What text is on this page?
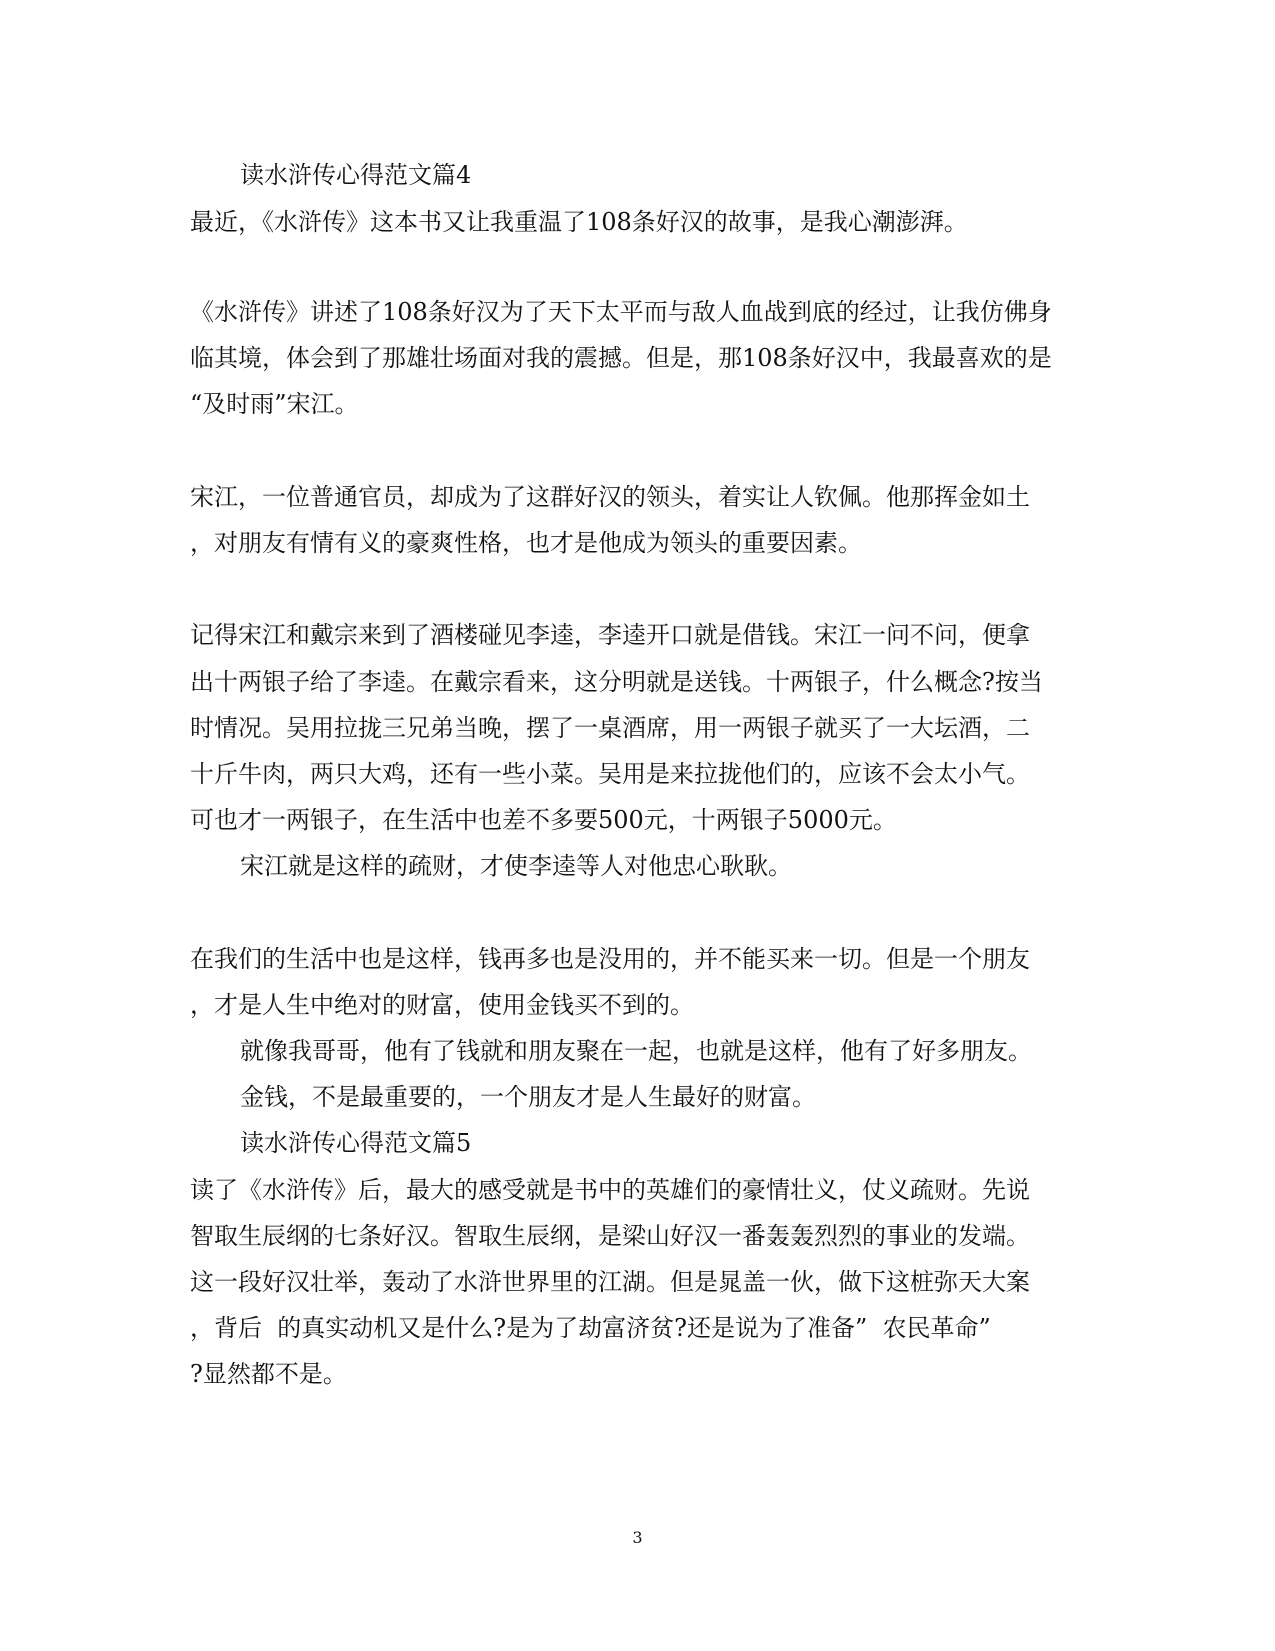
读水浒传心得范文篇4

最近，《水浒传》这本书又让我重温了108条好汉的故事，是我心潮澎湃。

《水浒传》讲述了108条好汉为了天下太平而与敌人血战到底的经过，让我仿佛身

临其境，体会到了那雄壮场面对我的震撼。但是，那108条好汉中，我最喜欢的是

“及时雨”宋江。

宋江，一位普通官员，却成为了这群好汉的领头，着实让人钦佩。他那挥金如土

，对朋友有情有义的豪爽性格，也才是他成为领头的重要因素。

记得宋江和戴宗来到了酒楼碰见李逵，李逵开口就是借钱。宋江一问不问，便拿

出十两银子给了李逵。在戴宗看来，这分明就是送钱。十两银子，什么概念?按当

时情况。吴用拉拢三兄弟当晚，摆了一桌酒席，用一两银子就买了一大坛酒，二

十斤牛肉，两只大鸡，还有一些小菜。吴用是来拉拢他们的，应该不会太小气。

可也才一两银子，在生活中也差不多要500元，十两银子5000元。

宋江就是这样的疏财，才使李逵等人对他忠心耿耿。

在我们的生活中也是这样，钱再多也是没用的，并不能买来一切。但是一个朋友

，才是人生中绝对的财富，使用金钱买不到的。

就像我哥哥，他有了钱就和朋友聚在一起，也就是这样，他有了好多朋友。

金钱，不是最重要的，一个朋友才是人生最好的财富。

读水浒传心得范文篇5

读了《水浒传》后，最大的感受就是书中的英雄们的豪情壮义，仗义疏财。先说

智取生辰纲的七条好汉。智取生辰纲，是梁山好汉一番轰轰烈烈的事业的发端。

这一段好汉壮举，轰动了水浒世界里的江湖。但是晁盖一伙，做下这桩弥天大案

，背后  的真实动机又是什么?是为了劫富济贫?还是说为了准备”  农民革命”

?显然都不是。

3
